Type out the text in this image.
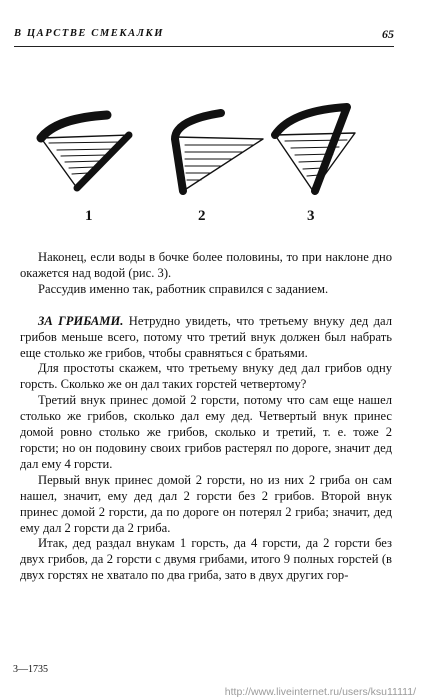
В ЦАРСТВЕ СМЕКАЛКИ	65
1	2	3

Наконец, если воды в бочке более половины, то при наклоне дно окажется над водой (рис. 3).

Рассудив именно так, работник справился с заданием.

ЗА ГРИБАМИ. Нетрудно увидеть, что третьему внуку дед дал грибов меньше всего, потому что третий внук должен был набрать еще столько же грибов, чтобы сравняться с братьями.

Для простоты скажем, что третьему внуку дед дал грибов одну горсть. Сколько же он дал таких горстей четвертому?

Третий внук принес домой 2 горсти, потому что сам еще нашел столько же грибов, сколько дал ему дед. Четвертый внук принес домой ровно столько же грибов, сколько и третий, т. е. тоже 2 горсти; но он подовину своих грибов растерял по дороге, значит дед дал ему 4 горсти.

Первый внук принес домой 2 горсти, но из них 2 гриба он сам нашел, значит, ему дед дал 2 горсти без 2 грибов. Второй внук принес домой 2 горсти, да по дороге он потерял 2 гриба; значит, дед ему дал 2 горсти да 2 гриба.

Итак, дед раздал внукам 1 горсть, да 4 горсти, да 2 горсти без двух грибов, да 2 горсти с двумя грибами, итого 9 полных горстей (в двух горстях не хватало по два гриба, зато в двух других гор-

3—1735
http://www.liveinternet.ru/users/ksu11111/
